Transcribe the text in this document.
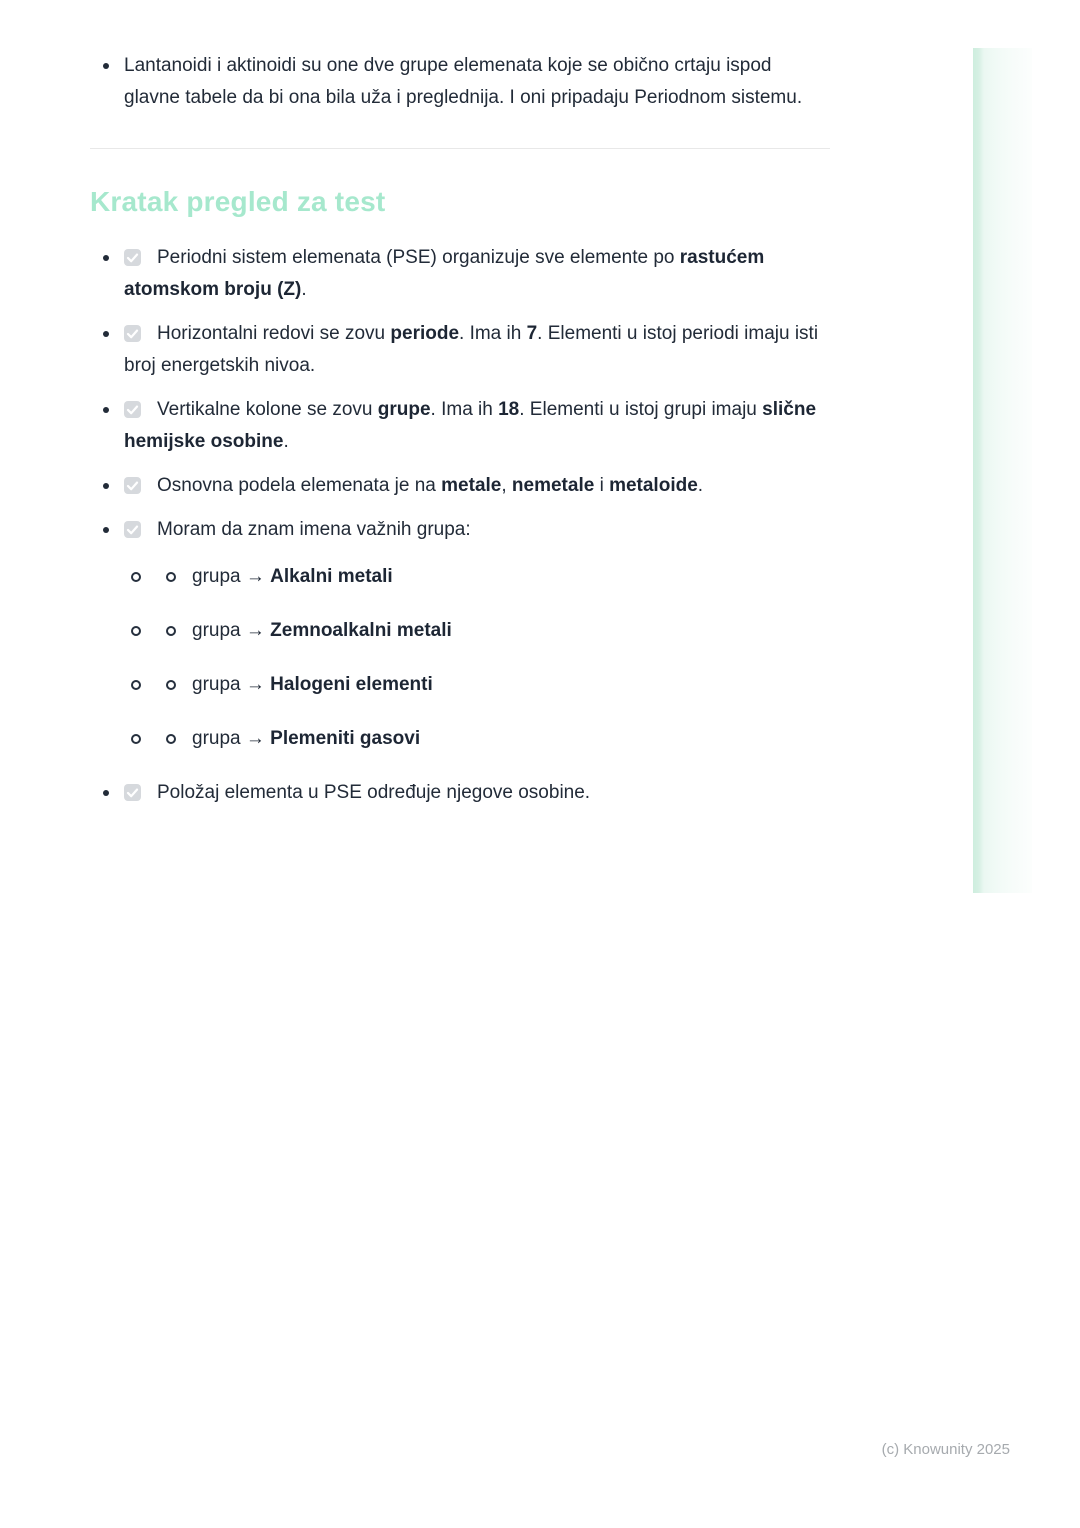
Lantanoidi i aktinoidi su one dve grupe elemenata koje se obično crtaju ispod glavne tabele da bi ona bila uža i preglednija. I oni pripadaju Periodnom sistemu.
Kratak pregled za test
Periodni sistem elemenata (PSE) organizuje sve elemente po rastućem atomskom broju (Z).
Horizontalni redovi se zovu periode. Ima ih 7. Elementi u istoj periodi imaju isti broj energetskih nivoa.
Vertikalne kolone se zovu grupe. Ima ih 18. Elementi u istoj grupi imaju slične hemijske osobine.
Osnovna podela elemenata je na metale, nemetale i metaloide.
Moram da znam imena važnih grupa:
grupa → Alkalni metali
grupa → Zemnoalkalni metali
grupa → Halogeni elementi
grupa → Plemeniti gasovi
Položaj elementa u PSE određuje njegove osobine.
(c) Knowunity 2025
